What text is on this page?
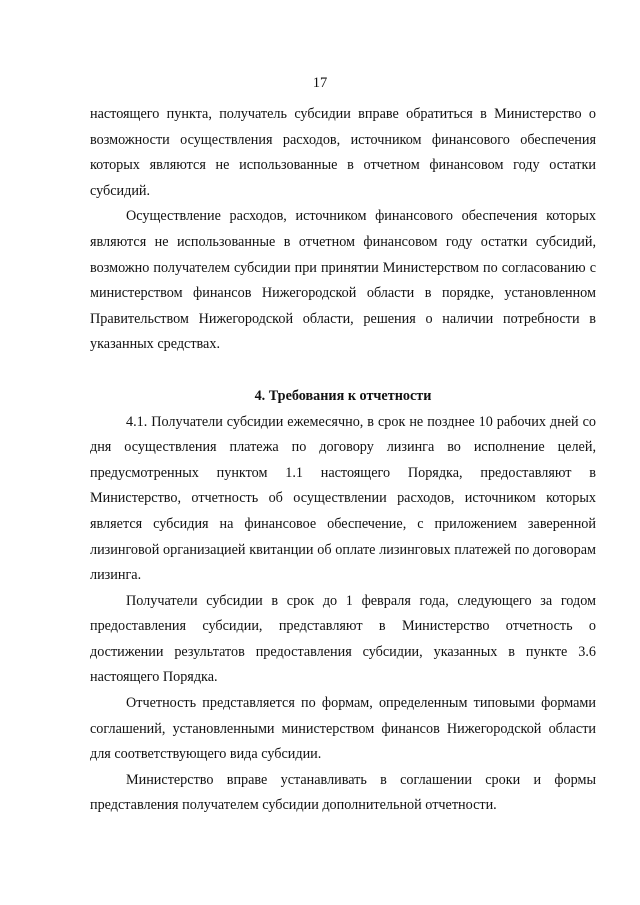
17

настоящего пункта, получатель субсидии вправе обратиться в Министерство о возможности осуществления расходов, источником финансового обеспечения которых являются не использованные в отчетном финансовом году остатки субсидий.

Осуществление расходов, источником финансового обеспечения которых являются не использованные в отчетном финансовом году остатки субсидий, возможно получателем субсидии при принятии Министерством по согласованию с министерством финансов Нижегородской области в порядке, установленном Правительством Нижегородской области, решения о наличии потребности в указанных средствах.

4. Требования к отчетности

4.1. Получатели субсидии ежемесячно, в срок не позднее 10 рабочих дней со дня осуществления платежа по договору лизинга во исполнение целей, предусмотренных пунктом 1.1 настоящего Порядка, предоставляют в Министерство, отчетность об осуществлении расходов, источником которых является субсидия на финансовое обеспечение, с приложением заверенной лизинговой организацией квитанции об оплате лизинговых платежей по договорам лизинга.

Получатели субсидии в срок до 1 февраля года, следующего за годом предоставления субсидии, представляют в Министерство отчетность о достижении результатов предоставления субсидии, указанных в пункте 3.6 настоящего Порядка.

Отчетность представляется по формам, определенным типовыми формами соглашений, установленными министерством финансов Нижегородской области для соответствующего вида субсидии.

Министерство вправе устанавливать в соглашении сроки и формы представления получателем субсидии дополнительной отчетности.
